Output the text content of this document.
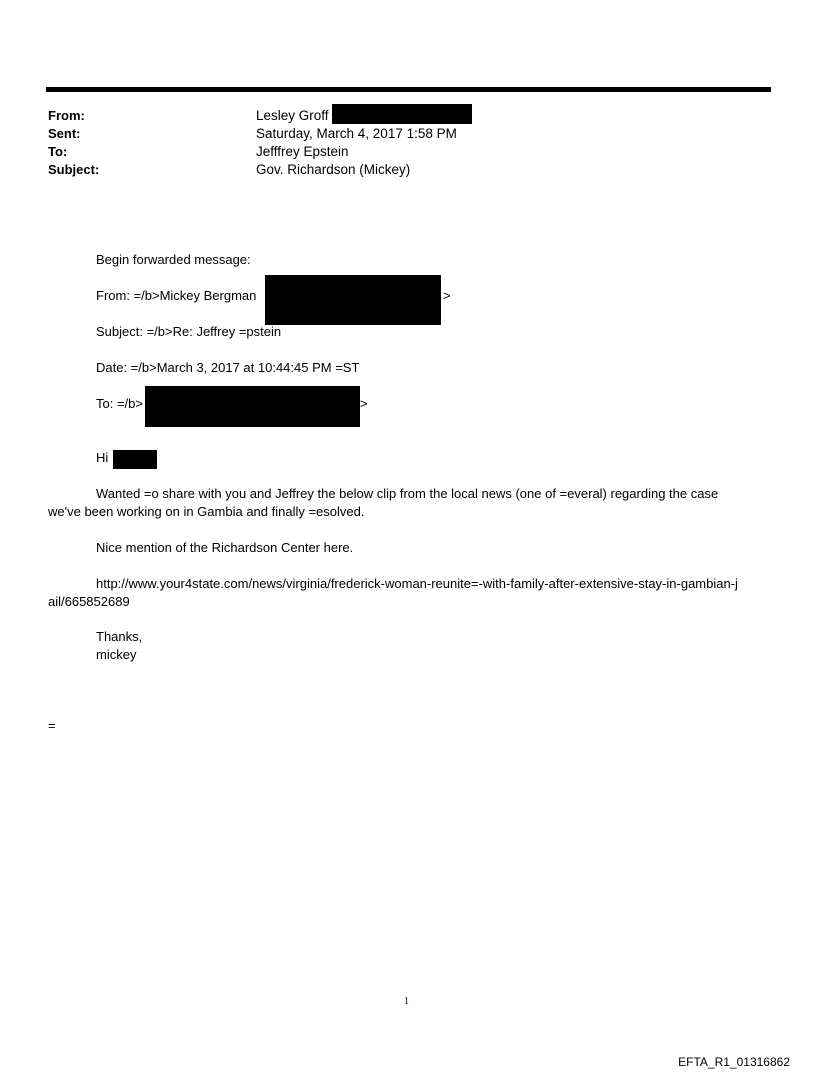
From:
Sent:
To:
Subject:
Lesley Groff
Saturday, March 4, 2017 1:58 PM
Jefffrey Epstein
Gov. Richardson (Mickey)
Begin forwarded message:
From: =/b>Mickey Bergman	>
Subject: =/b>Re: Jeffrey =pstein
Date: =/b>March 3, 2017 at 10:44:45 PM =ST
To: =/b>	>
Hi
Wanted =o share with you and Jeffrey the below clip from the local news (one of =everal) regarding the case we've been working on in Gambia and finally =esolved.
Nice mention of the Richardson Center here.
http://www.your4state.com/news/virginia/frederick-woman-reunite=-with-family-after-extensive-stay-in-gambian-jail/665852689
Thanks,
mickey
=
1
EFTA_R1_01316862
